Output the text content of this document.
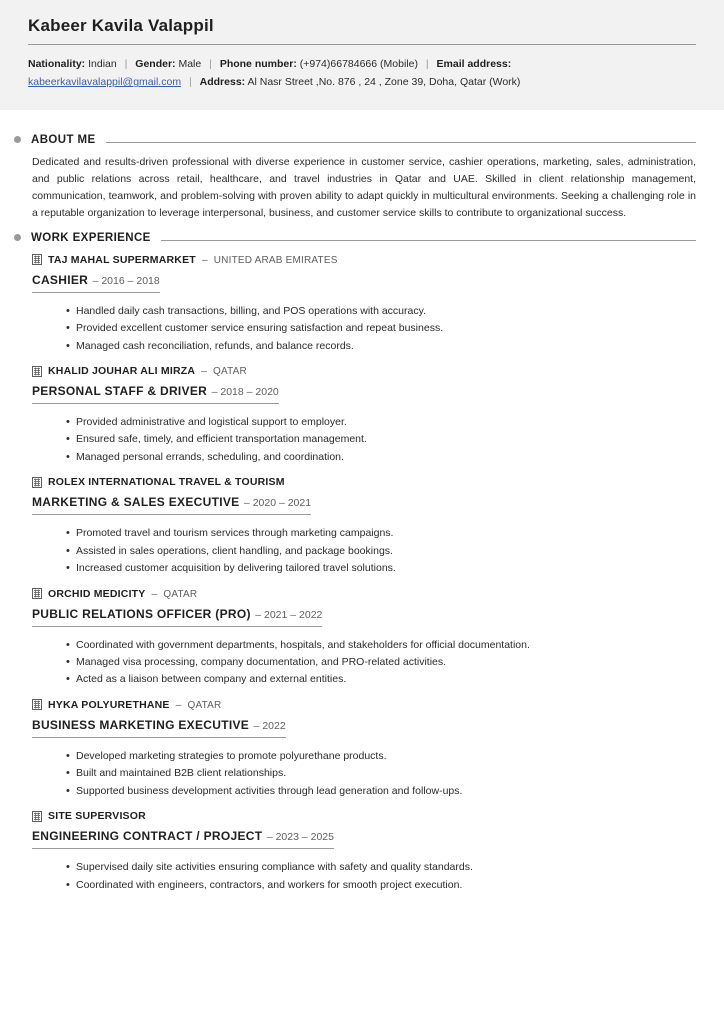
Kabeer Kavila Valappil
Nationality: Indian | Gender: Male | Phone number: (+974)66784666 (Mobile) | Email address:
kabeerkavilavalappil@gmail.com | Address: Al Nasr Street ,No. 876 , 24 , Zone 39, Doha, Qatar (Work)
ABOUT ME
Dedicated and results-driven professional with diverse experience in customer service, cashier operations, marketing, sales, administration, and public relations across retail, healthcare, and travel industries in Qatar and UAE. Skilled in client relationship management, communication, teamwork, and problem-solving with proven ability to adapt quickly in multicultural environments. Seeking a challenging role in a reputable organization to leverage interpersonal, business, and customer service skills to contribute to organizational success.
WORK EXPERIENCE
TAJ MAHAL SUPERMARKET – UNITED ARAB EMIRATES
CASHIER – 2016 – 2018
• Handled daily cash transactions, billing, and POS operations with accuracy.
• Provided excellent customer service ensuring satisfaction and repeat business.
• Managed cash reconciliation, refunds, and balance records.
KHALID JOUHAR ALI MIRZA – QATAR
PERSONAL STAFF & DRIVER – 2018 – 2020
• Provided administrative and logistical support to employer.
• Ensured safe, timely, and efficient transportation management.
• Managed personal errands, scheduling, and coordination.
ROLEX INTERNATIONAL TRAVEL & TOURISM
MARKETING & SALES EXECUTIVE – 2020 – 2021
• Promoted travel and tourism services through marketing campaigns.
• Assisted in sales operations, client handling, and package bookings.
• Increased customer acquisition by delivering tailored travel solutions.
ORCHID MEDICITY – QATAR
PUBLIC RELATIONS OFFICER (PRO) – 2021 – 2022
• Coordinated with government departments, hospitals, and stakeholders for official documentation.
• Managed visa processing, company documentation, and PRO-related activities.
• Acted as a liaison between company and external entities.
HYKA POLYURETHANE – QATAR
BUSINESS MARKETING EXECUTIVE – 2022
• Developed marketing strategies to promote polyurethane products.
• Built and maintained B2B client relationships.
• Supported business development activities through lead generation and follow-ups.
SITE SUPERVISOR
ENGINEERING CONTRACT / PROJECT – 2023 – 2025
• Supervised daily site activities ensuring compliance with safety and quality standards.
• Coordinated with engineers, contractors, and workers for smooth project execution.
